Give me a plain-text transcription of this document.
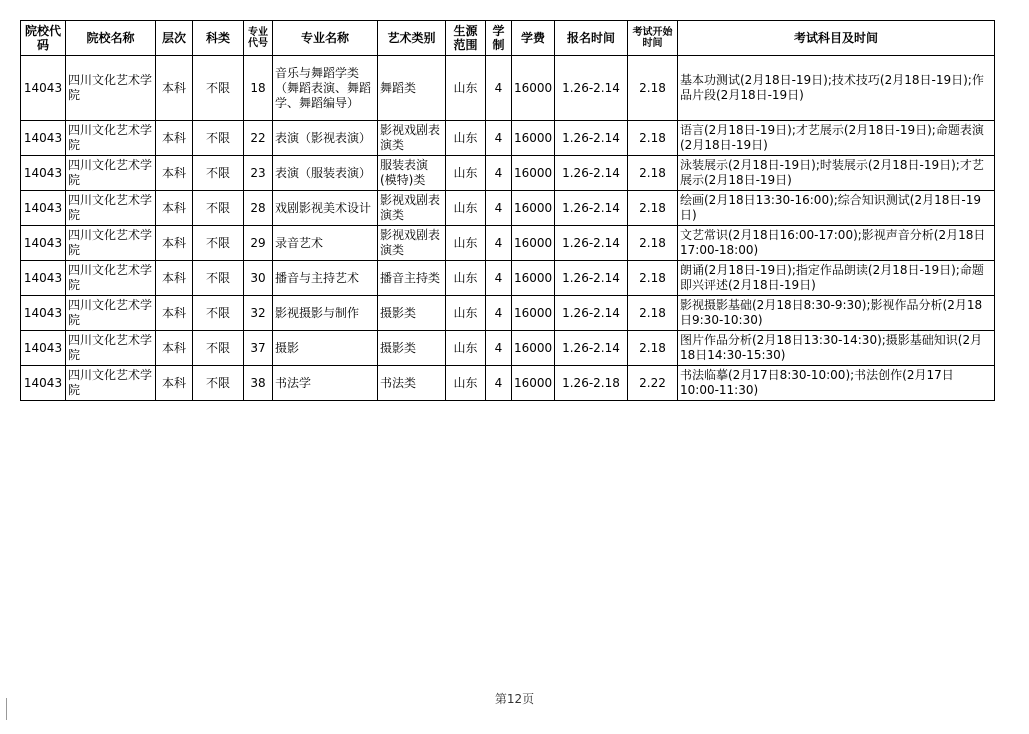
院校代码	院校名称	层次	科类	专业代号	专业名称	艺术类别	生源范围	学制	学费	报名时间	考试开始时间	考试科目及时间
14043	四川文化艺术学院	本科	不限	18	音乐与舞蹈学类（舞蹈表演、舞蹈学、舞蹈编导）	舞蹈类	山东	4	16000	1.26-2.14	2.18	基本功测试(2月18日-19日);技术技巧(2月18日-19日);作品片段(2月18日-19日)
14043	四川文化艺术学院	本科	不限	22	表演（影视表演）	影视戏剧表演类	山东	4	16000	1.26-2.14	2.18	语言(2月18日-19日);才艺展示(2月18日-19日);命题表演(2月18日-19日)
14043	四川文化艺术学院	本科	不限	23	表演（服装表演）	服装表演(模特)类	山东	4	16000	1.26-2.14	2.18	泳装展示(2月18日-19日);时装展示(2月18日-19日);才艺展示(2月18日-19日)
14043	四川文化艺术学院	本科	不限	28	戏剧影视美术设计	影视戏剧表演类	山东	4	16000	1.26-2.14	2.18	绘画(2月18日13:30-16:00);综合知识测试(2月18日-19日)
14043	四川文化艺术学院	本科	不限	29	录音艺术	影视戏剧表演类	山东	4	16000	1.26-2.14	2.18	文艺常识(2月18日16:00-17:00);影视声音分析(2月18日17:00-18:00)
14043	四川文化艺术学院	本科	不限	30	播音与主持艺术	播音主持类	山东	4	16000	1.26-2.14	2.18	朗诵(2月18日-19日);指定作品朗读(2月18日-19日);命题即兴评述(2月18日-19日)
14043	四川文化艺术学院	本科	不限	32	影视摄影与制作	摄影类	山东	4	16000	1.26-2.14	2.18	影视摄影基础(2月18日8:30-9:30);影视作品分析(2月18日9:30-10:30)
14043	四川文化艺术学院	本科	不限	37	摄影	摄影类	山东	4	16000	1.26-2.14	2.18	图片作品分析(2月18日13:30-14:30);摄影基础知识(2月18日14:30-15:30)
14043	四川文化艺术学院	本科	不限	38	书法学	书法类	山东	4	16000	1.26-2.18	2.22	书法临摹(2月17日8:30-10:00);书法创作(2月17日10:00-11:30)
第12页
